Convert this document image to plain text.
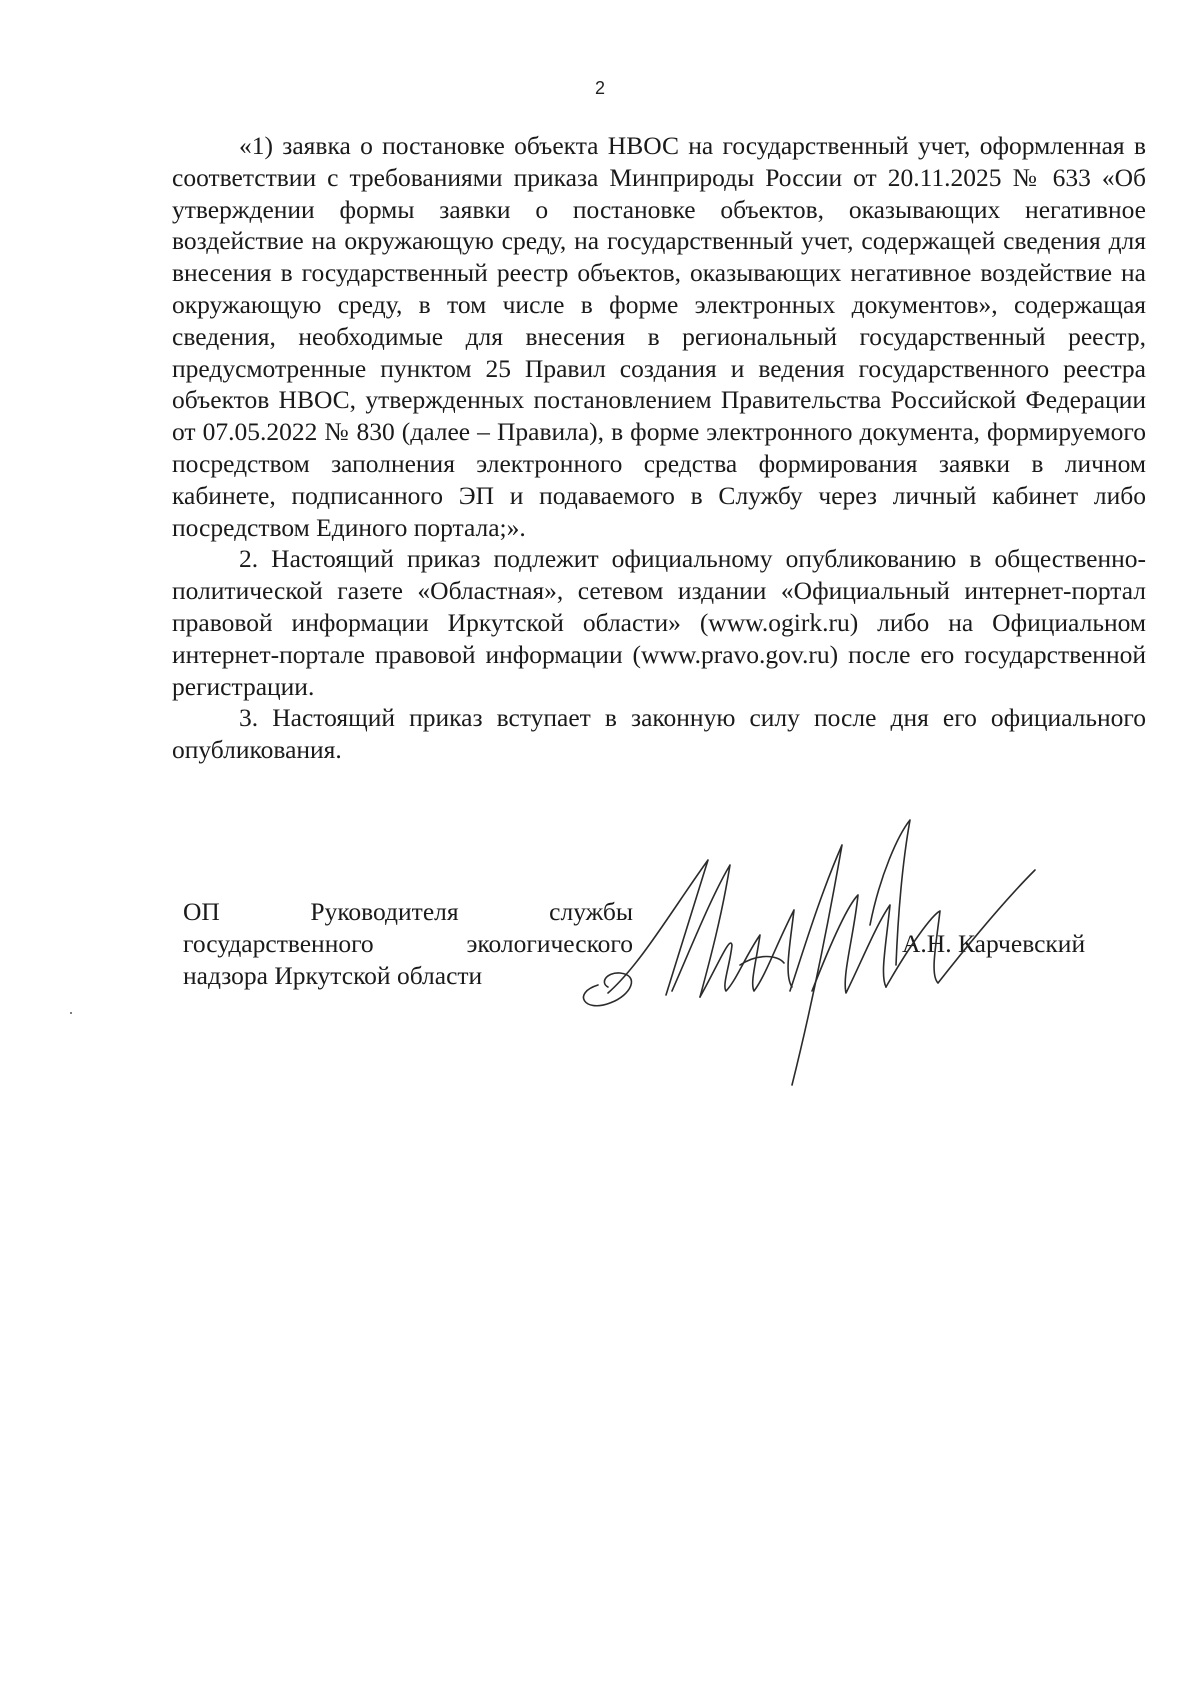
2

«1) заявка о постановке объекта НВОС на государственный учет, оформленная в соответствии с требованиями приказа Минприроды России от 20.11.2025 № 633 «Об утверждении формы заявки о постановке объектов, оказывающих негативное воздействие на окружающую среду, на государственный учет, содержащей сведения для внесения в государственный реестр объектов, оказывающих негативное воздействие на окружающую среду, в том числе в форме электронных документов», содержащая сведения, необходимые для внесения в региональный государственный реестр, предусмотренные пунктом 25 Правил создания и ведения государственного реестра объектов НВОС, утвержденных постановлением Правительства Российской Федерации от 07.05.2022 № 830 (далее – Правила), в форме электронного документа, формируемого посредством заполнения электронного средства формирования заявки в личном кабинете, подписанного ЭП и подаваемого в Службу через личный кабинет либо посредством Единого портала;».

2. Настоящий приказ подлежит официальному опубликованию в общественно-политической газете «Областная», сетевом издании «Официальный интернет-портал правовой информации Иркутской области» (www.ogirk.ru) либо на Официальном интернет-портале правовой информации (www.pravo.gov.ru) после его государственной регистрации.

3. Настоящий приказ вступает в законную силу после дня его официального опубликования.

ОП Руководителя службы
государственного экологического
надзора Иркутской области
А.Н. Карчевский
